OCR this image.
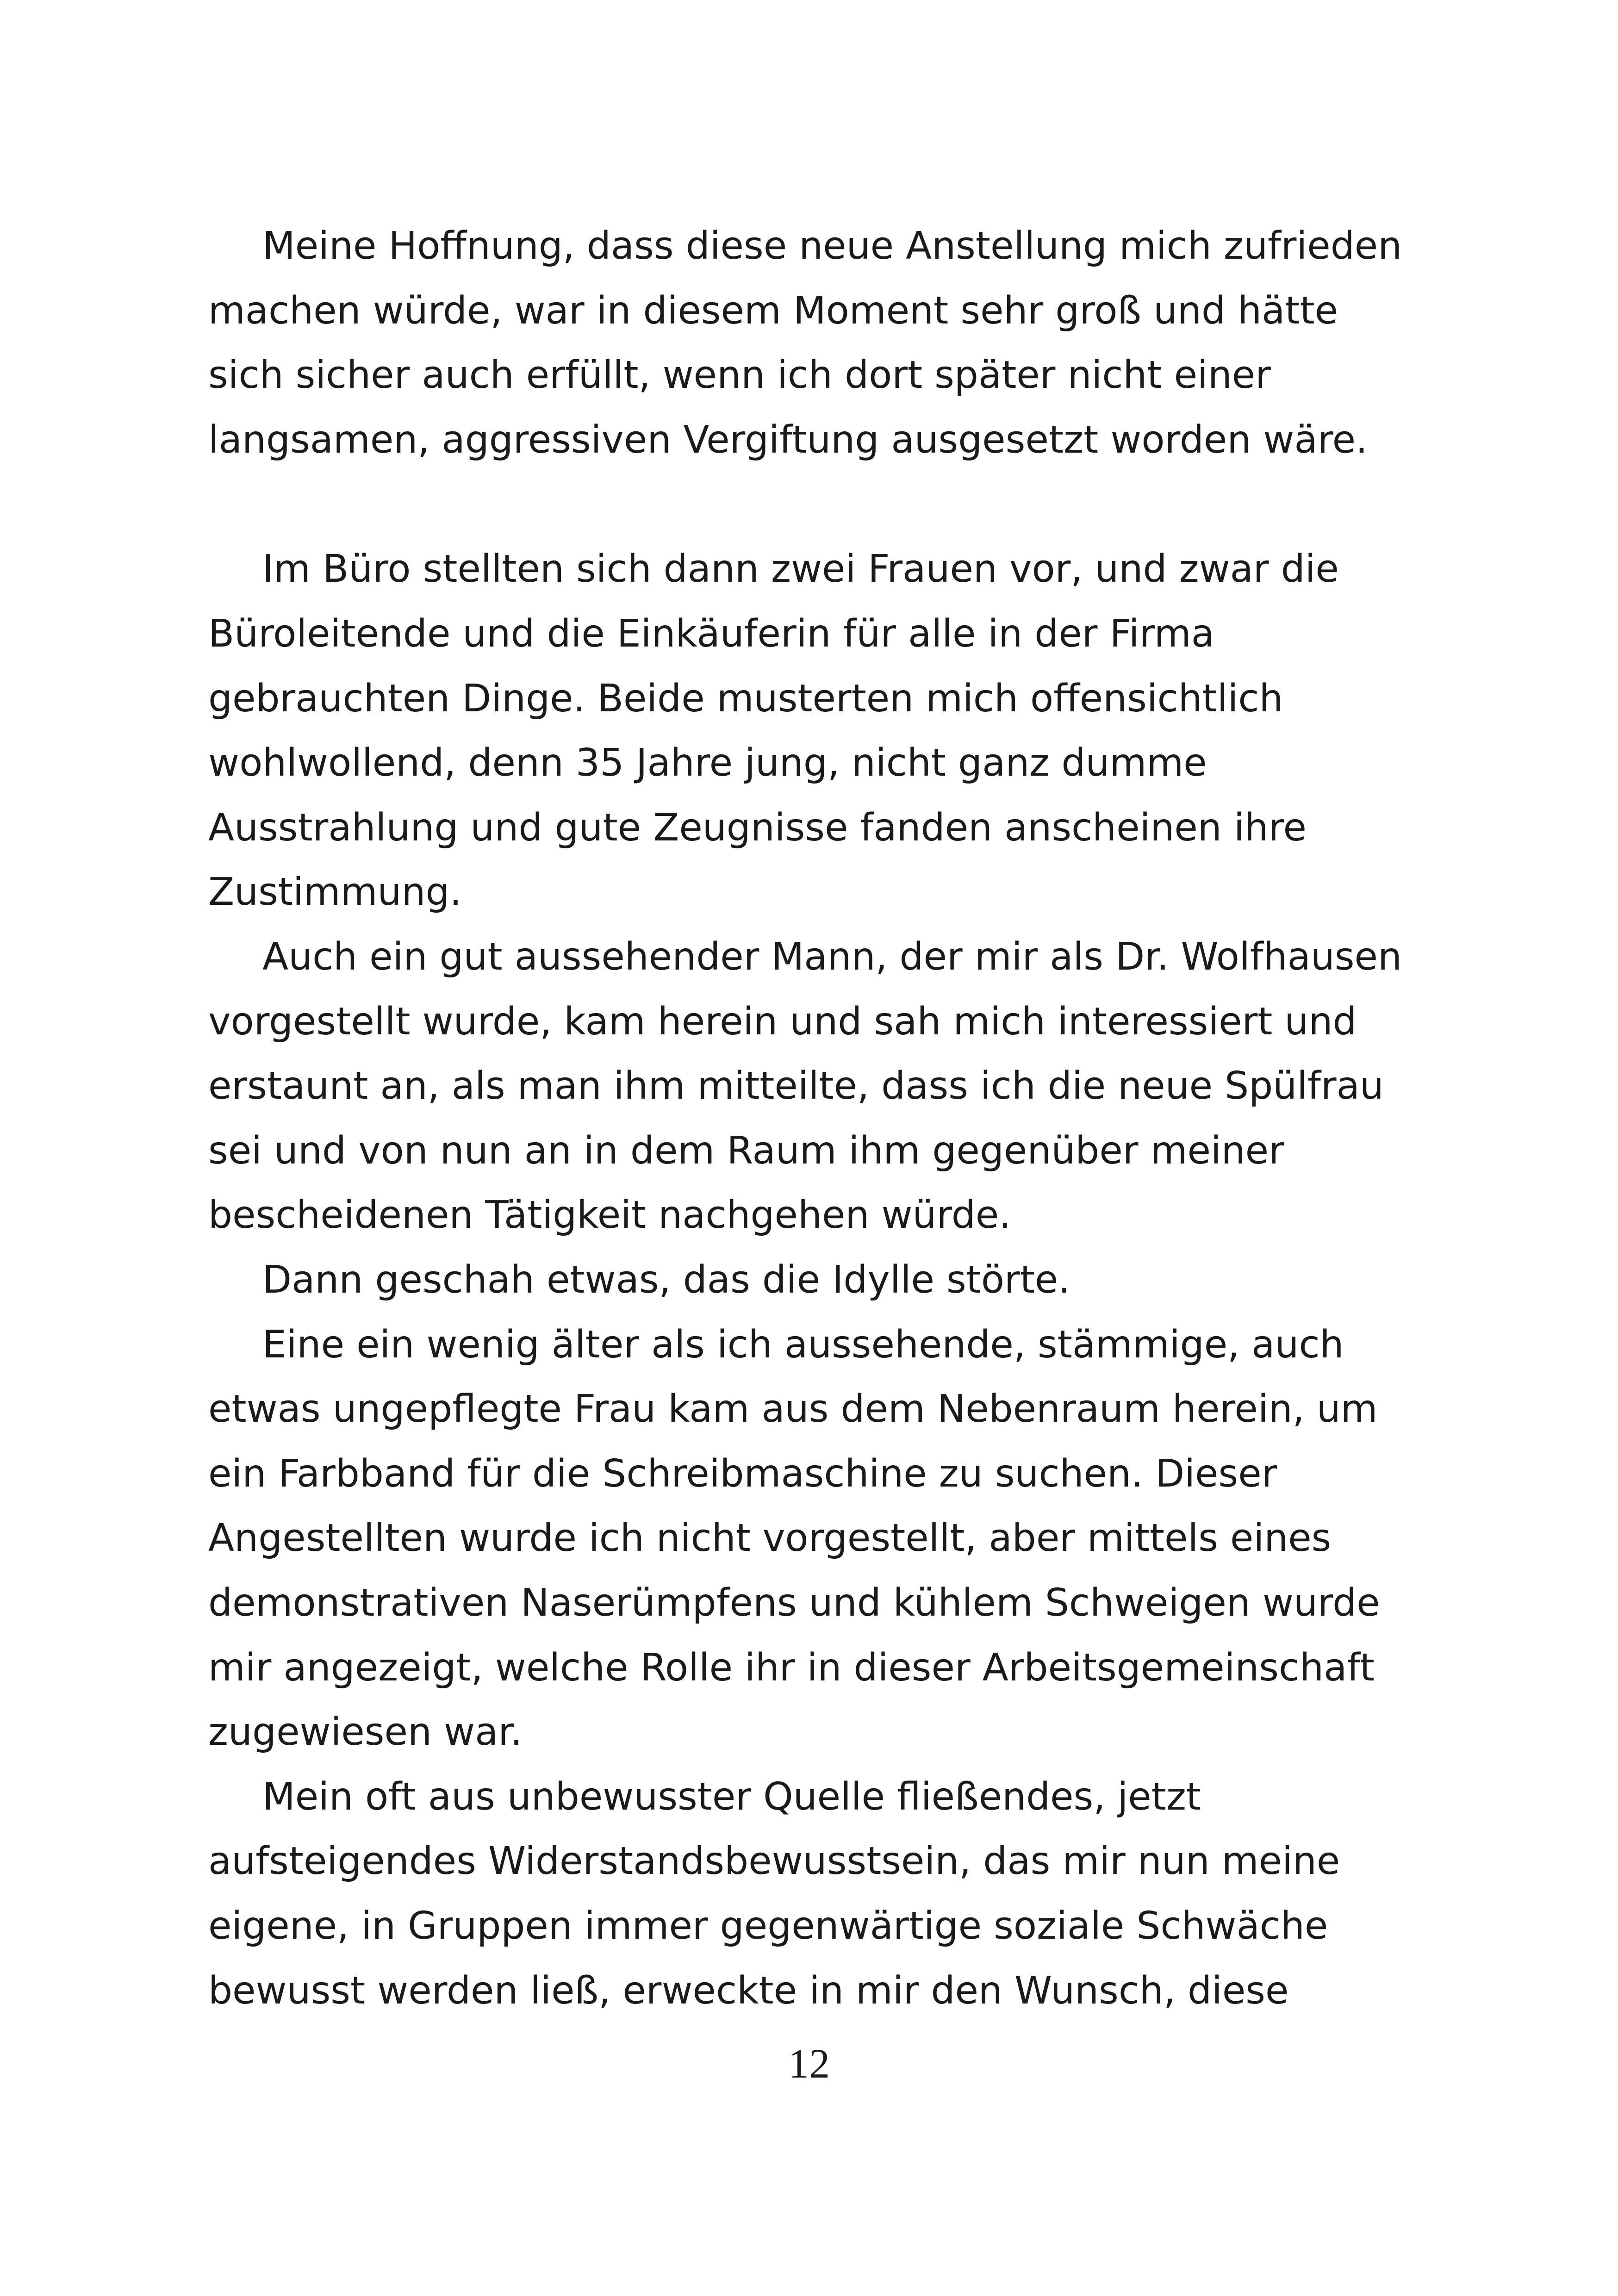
Meine Hoffnung, dass diese neue Anstellung mich zufrieden
machen würde, war in diesem Moment sehr groß und hätte
sich sicher auch erfüllt, wenn ich dort später nicht einer
langsamen, aggressiven Vergiftung ausgesetzt worden wäre.
Im Büro stellten sich dann zwei Frauen vor, und zwar die
Büroleitende und die Einkäuferin für alle in der Firma
gebrauchten Dinge. Beide musterten mich offensichtlich
wohlwollend, denn 35 Jahre jung, nicht ganz dumme
Ausstrahlung und gute Zeugnisse fanden anscheinen ihre
Zustimmung.
Auch ein gut aussehender Mann, der mir als Dr. Wolfhausen
vorgestellt wurde, kam herein und sah mich interessiert und
erstaunt an, als man ihm mitteilte, dass ich die neue Spülfrau
sei und von nun an in dem Raum ihm gegenüber meiner
bescheidenen Tätigkeit nachgehen würde.
Dann geschah etwas, das die Idylle störte.
Eine ein wenig älter als ich aussehende, stämmige, auch
etwas ungepflegte Frau kam aus dem Nebenraum herein, um
ein Farbband für die Schreibmaschine zu suchen. Dieser
Angestellten wurde ich nicht vorgestellt, aber mittels eines
demonstrativen Naserümpfens und kühlem Schweigen wurde
mir angezeigt, welche Rolle ihr in dieser Arbeitsgemeinschaft
zugewiesen war.
Mein oft aus unbewusster Quelle fließendes, jetzt
aufsteigendes Widerstandsbewusstsein, das mir nun meine
eigene, in Gruppen immer gegenwärtige soziale Schwäche
bewusst werden ließ, erweckte in mir den Wunsch, diese
12
